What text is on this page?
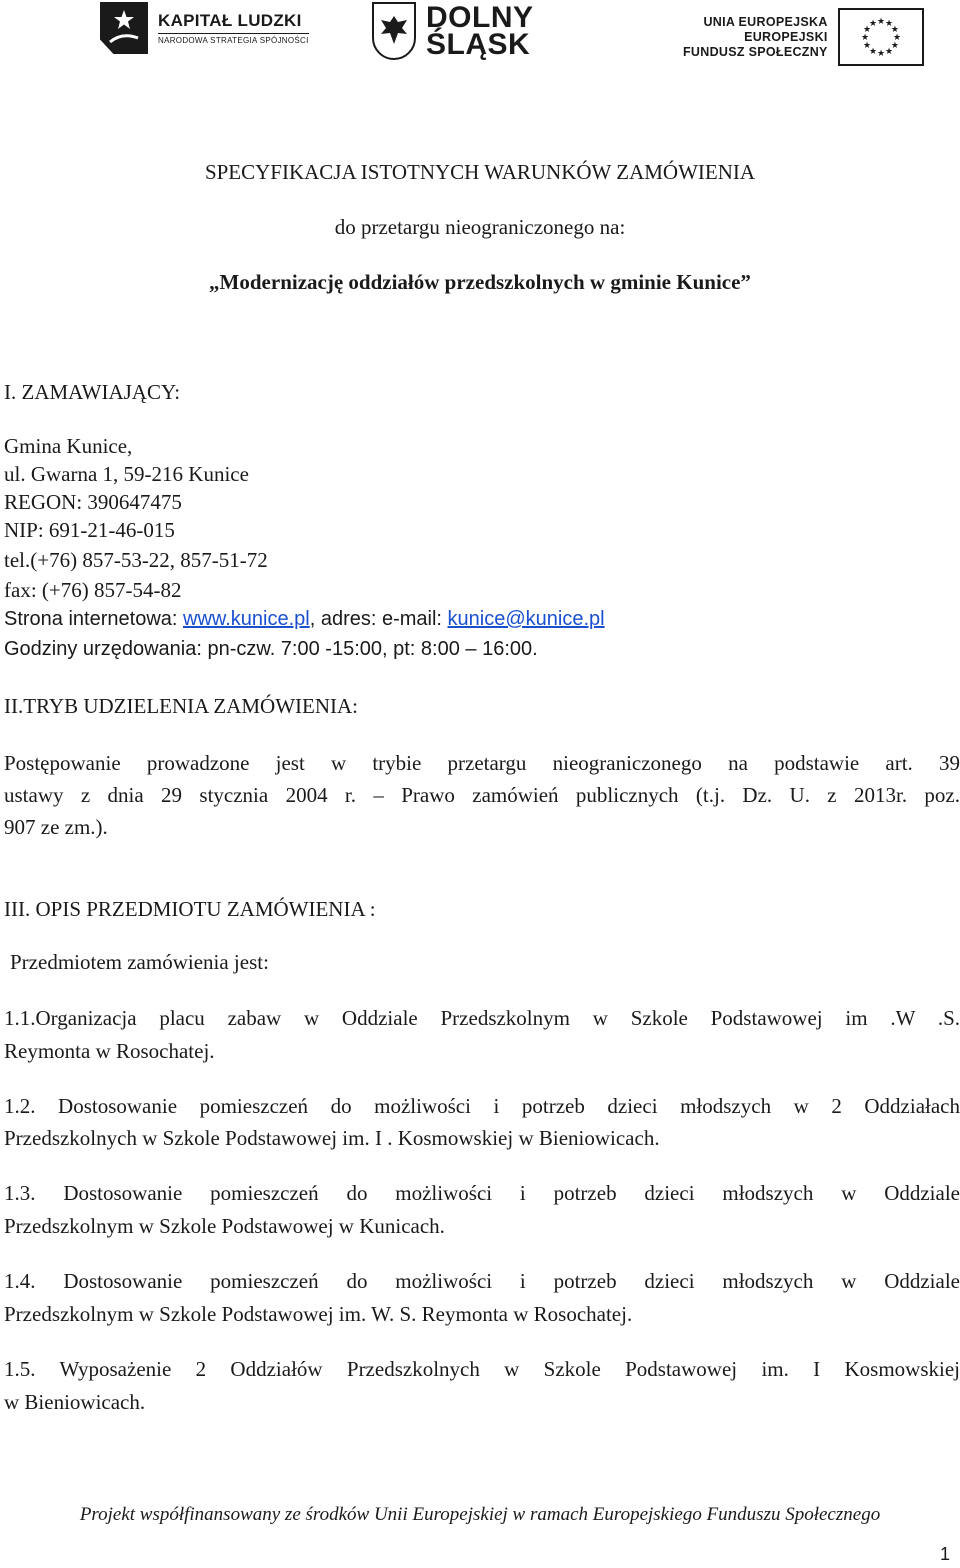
KAPITAŁ LUDZKI
NARODOWA STRATEGIA SPÓJNOŚCI
DOLNY
ŚLĄSK
UNIA EUROPEJSKA
EUROPEJSKI
FUNDUSZ SPOŁECZNY
★ ★
★
★
★
★
★
★
★
★
★
★
SPECYFIKACJA ISTOTNYCH WARUNKÓW ZAMÓWIENIA
do przetargu nieograniczonego na:
„Modernizację oddziałów przedszkolnych w gminie Kunice”
I. ZAMAWIAJĄCY:
Gmina Kunice,
ul. Gwarna 1, 59-216 Kunice
REGON: 390647475
NIP: 691-21-46-015
tel.(+76) 857-53-22, 857-51-72
fax: (+76) 857-54-82
Strona internetowa: www.kunice.pl, adres: e-mail: kunice@kunice.pl
Godziny urzędowania: pn-czw. 7:00 -15:00, pt: 8:00 – 16:00.
II.TRYB UDZIELENIA ZAMÓWIENIA:
Postępowanie prowadzone jest w trybie przetargu nieograniczonego na podstawie art. 39
ustawy z dnia 29 stycznia 2004 r. – Prawo zamówień publicznych (t.j. Dz. U. z 2013r. poz.
907 ze zm.).
III. OPIS PRZEDMIOTU ZAMÓWIENIA :
Przedmiotem zamówienia jest:
1.1.Organizacja placu zabaw w Oddziale Przedszkolnym w Szkole Podstawowej im .W .S.
Reymonta w Rosochatej.
1.2. Dostosowanie pomieszczeń do możliwości i potrzeb dzieci młodszych w 2 Oddziałach
Przedszkolnych w Szkole Podstawowej im. I . Kosmowskiej w Bieniowicach.
1.3. Dostosowanie pomieszczeń do możliwości i potrzeb dzieci młodszych w Oddziale
Przedszkolnym w Szkole Podstawowej w Kunicach.
1.4. Dostosowanie pomieszczeń do możliwości i potrzeb dzieci młodszych w Oddziale
Przedszkolnym w Szkole Podstawowej im. W. S. Reymonta w Rosochatej.
1.5. Wyposażenie 2 Oddziałów Przedszkolnych w Szkole Podstawowej im. I Kosmowskiej
w Bieniowicach.
Projekt współfinansowany ze środków Unii Europejskiej w ramach Europejskiego Funduszu Społecznego
1
